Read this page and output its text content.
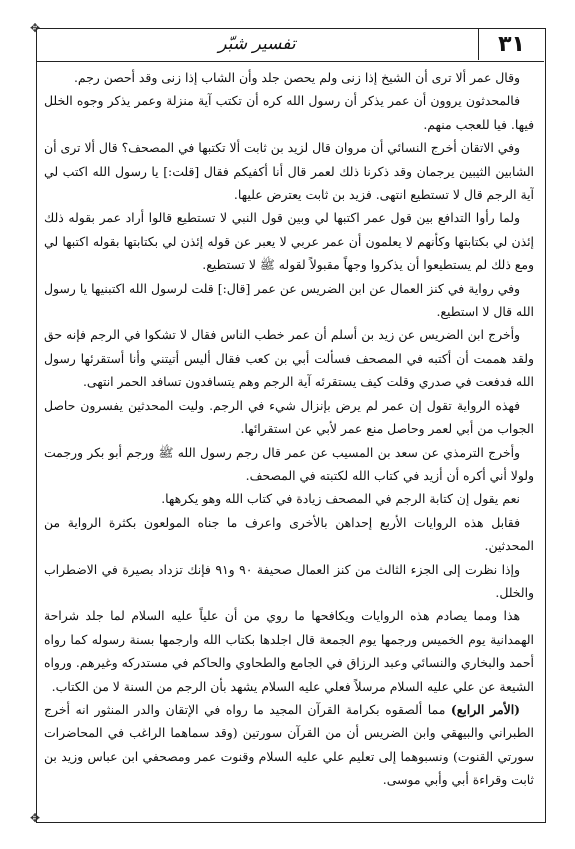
✥
✥
٣١
تفسير شبّر

وقال عمر ألا ترى أن الشيخ إذا زنى ولم يحصن جلد وأن الشاب إذا زنى وقد أحصن رجم.

فالمحدثون يروون أن عمر يذكر أن رسول الله كره أن تكتب آية منزلة وعمر يذكر وجوه الخلل فيها. فيا للعجب منهم.

وفي الاتقان أخرج النسائي أن مروان قال لزيد بن ثابت ألا تكتبها في المصحف؟ قال ألا ترى أن الشابين الثيبين يرجمان وقد ذكرنا ذلك لعمر قال أنا أكفيكم فقال [قلت:] يا رسول الله اكتب لي آية الرجم قال لا تستطيع انتهى. فزيد بن ثابت يعترض عليها.

ولما رأوا التدافع بين قول عمر اكتبها لي وبين قول النبي لا تستطيع قالوا أراد عمر بقوله ذلك إئذن لي بكتابتها وكأنهم لا يعلمون أن عمر عربي لا يعبر عن قوله إئذن لي بكتابتها بقوله اكتبها لي ومع ذلك لم يستطيعوا أن يذكروا وجهاً مقبولاً لقوله ﷺ لا تستطيع.

وفي رواية في كنز العمال عن ابن الضريس عن عمر [قال:] قلت لرسول الله اكتبنيها يا رسول الله قال لا استطيع.

وأخرج ابن الضريس عن زيد بن أسلم أن عمر خطب الناس فقال لا تشكوا في الرجم فإنه حق ولقد هممت أن أكتبه في المصحف فسألت أبي بن كعب فقال أليس أتيتني وأنا أستقرئها رسول الله فدفعت في صدري وقلت كيف يستقرئه آية الرجم وهم يتسافدون تسافد الحمر انتهى.

فهذه الرواية تقول إن عمر لم يرض بإنزال شيء في الرجم. وليت المحدثين يفسرون حاصل الجواب من أبي لعمر وحاصل منع عمر لأبي عن استقرائها.

وأخرج الترمذي عن سعد بن المسيب عن عمر قال رجم رسول الله ﷺ ورجم أبو بكر ورجمت ولولا أني أكره أن أزيد في كتاب الله لكتبته في المصحف.

نعم يقول إن كتابة الرجم في المصحف زيادة في كتاب الله وهو يكرهها.

فقابل هذه الروايات الأربع إحداهن بالأخرى واعرف ما جناه المولعون بكثرة الرواية من المحدثين.

وإذا نظرت إلى الجزء الثالث من كنز العمال صحيفة ٩٠ و٩١ فإنك تزداد بصيرة في الاضطراب والخلل.

هذا ومما يصادم هذه الروايات ويكافحها ما روي من أن علياً عليه السلام لما جلد شراحة الهمدانية يوم الخميس ورجمها يوم الجمعة قال اجلدها بكتاب الله وارجمها بسنة رسوله كما رواه أحمد والبخاري والنسائي وعبد الرزاق في الجامع والطحاوي والحاكم في مستدركه وغيرهم. ورواه الشيعة عن علي عليه السلام مرسلاً فعلي عليه السلام يشهد بأن الرجم من السنة لا من الكتاب.

(الأمر الرابع) مما ألصقوه بكرامة القرآن المجيد ما رواه في الإتقان والدر المنثور انه أخرج الطبراني والبيهقي وابن الضريس أن من القرآن سورتين (وقد سماهما الراغب في المحاضرات سورتي القنوت) ونسبوهما إلى تعليم علي عليه السلام وقنوت عمر ومصحفي ابن عباس وزيد بن ثابت وقراءة أبي وأبي موسى.
